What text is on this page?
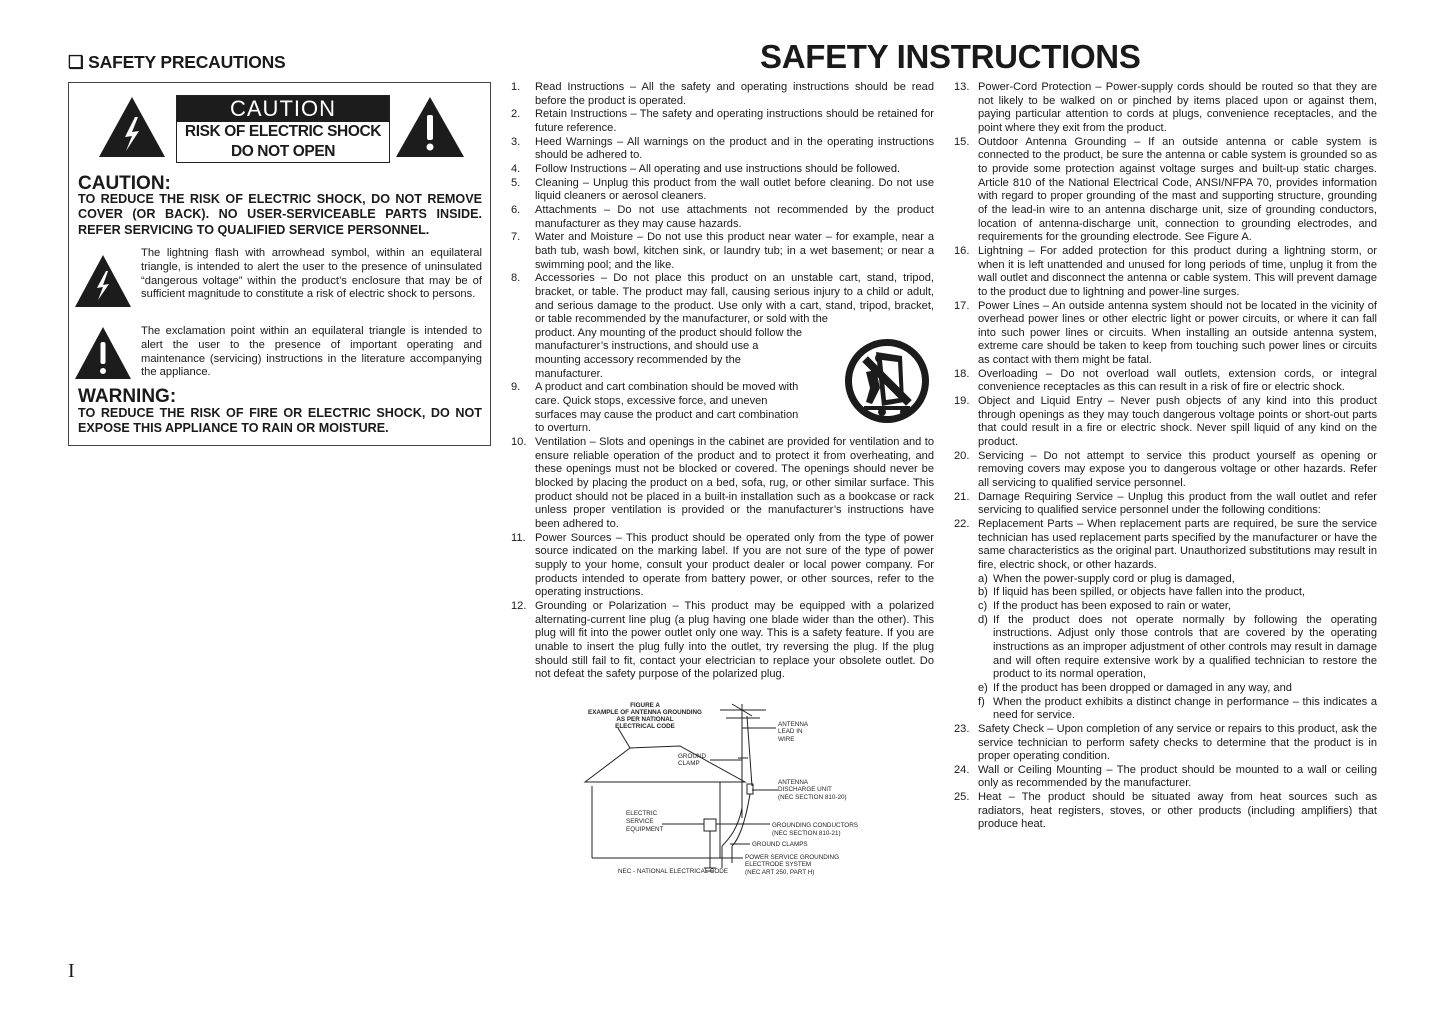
❑ SAFETY PRECAUTIONS
CAUTION
RISK OF ELECTRIC SHOCK
DO NOT OPEN
CAUTION:
TO REDUCE THE RISK OF ELECTRIC SHOCK, DO NOT REMOVE COVER (OR BACK). NO USER-SERVICEABLE PARTS INSIDE. REFER SERVICING TO QUALIFIED SERVICE PERSONNEL.
The lightning flash with arrowhead symbol, within an equilateral triangle, is intended to alert the user to the presence of uninsulated “dangerous voltage” within the product’s enclosure that may be of sufficient magnitude to constitute a risk of electric shock to persons.
The exclamation point within an equilateral triangle is intended to alert the user to the presence of important operating and maintenance (servicing) instructions in the literature accompanying the appliance.
WARNING:
TO REDUCE THE RISK OF FIRE OR ELECTRIC SHOCK, DO NOT EXPOSE THIS APPLIANCE TO RAIN OR MOISTURE.
SAFETY INSTRUCTIONS
1. Read Instructions – All the safety and operating instructions should be read before the product is operated.
2. Retain Instructions – The safety and operating instructions should be retained for future reference.
3. Heed Warnings – All warnings on the product and in the operating instructions should be adhered to.
4. Follow Instructions – All operating and use instructions should be followed.
5. Cleaning – Unplug this product from the wall outlet before cleaning. Do not use liquid cleaners or aerosol cleaners.
6. Attachments – Do not use attachments not recommended by the product manufacturer as they may cause hazards.
7. Water and Moisture – Do not use this product near water – for example, near a bath tub, wash bowl, kitchen sink, or laundry tub; in a wet basement; or near a swimming pool; and the like.
8. Accessories – Do not place this product on an unstable cart, stand, tripod, bracket, or table. The product may fall, causing serious injury to a child or adult, and serious damage to the product. Use only with a cart, stand, tripod, bracket, or table recommended by the manufacturer, or sold with the
product. Any mounting of the product should follow the manufacturer’s instructions, and should use a mounting accessory recommended by the manufacturer.
9. A product and cart combination should be moved with care. Quick stops, excessive force, and uneven surfaces may cause the product and cart combination to overturn.
10. Ventilation – Slots and openings in the cabinet are provided for ventilation and to ensure reliable operation of the product and to protect it from overheating, and these openings must not be blocked or covered. The openings should never be blocked by placing the product on a bed, sofa, rug, or other similar surface. This product should not be placed in a built-in installation such as a bookcase or rack unless proper ventilation is provided or the manufacturer’s instructions have been adhered to.
11. Power Sources – This product should be operated only from the type of power source indicated on the marking label. If you are not sure of the type of power supply to your home, consult your product dealer or local power company. For products intended to operate from battery power, or other sources, refer to the operating instructions.
12. Grounding or Polarization – This product may be equipped with a polarized alternating-current line plug (a plug having one blade wider than the other). This plug will fit into the power outlet only one way. This is a safety feature. If you are unable to insert the plug fully into the outlet, try reversing the plug. If the plug should still fail to fit, contact your electrician to replace your obsolete outlet. Do not defeat the safety purpose of the polarized plug.
FIGURE A
EXAMPLE OF ANTENNA GROUNDING
AS PER NATIONAL
ELECTRICAL CODE	ANTENNA
LEAD IN
WIRE
GROUND
CLAMP
ANTENNA
DISCHARGE UNIT
(NEC SECTION 810-20)
ELECTRIC
SERVICE
EQUIPMENT
GROUNDING CONDUCTORS
(NEC SECTION 810-21)
GROUND CLAMPS
POWER SERVICE GROUNDING
ELECTRODE SYSTEM
(NEC ART 250, PART H)
NEC - NATIONAL ELECTRICAL CODE
13. Power-Cord Protection – Power-supply cords should be routed so that they are not likely to be walked on or pinched by items placed upon or against them, paying particular attention to cords at plugs, convenience receptacles, and the point where they exit from the product.
15. Outdoor Antenna Grounding – If an outside antenna or cable system is connected to the product, be sure the antenna or cable system is grounded so as to provide some protection against voltage surges and built-up static charges. Article 810 of the National Electrical Code, ANSI/NFPA 70, provides information with regard to proper grounding of the mast and supporting structure, grounding of the lead-in wire to an antenna discharge unit, size of grounding conductors, location of antenna-discharge unit, connection to grounding electrodes, and requirements for the grounding electrode. See Figure A.
16. Lightning – For added protection for this product during a lightning storm, or when it is left unattended and unused for long periods of time, unplug it from the wall outlet and disconnect the antenna or cable system. This will prevent damage to the product due to lightning and power-line surges.
17. Power Lines – An outside antenna system should not be located in the vicinity of overhead power lines or other electric light or power circuits, or where it can fall into such power lines or circuits. When installing an outside antenna system, extreme care should be taken to keep from touching such power lines or circuits as contact with them might be fatal.
18. Overloading – Do not overload wall outlets, extension cords, or integral convenience receptacles as this can result in a risk of fire or electric shock.
19. Object and Liquid Entry – Never push objects of any kind into this product through openings as they may touch dangerous voltage points or short-out parts that could result in a fire or electric shock. Never spill liquid of any kind on the product.
20. Servicing – Do not attempt to service this product yourself as opening or removing covers may expose you to dangerous voltage or other hazards. Refer all servicing to qualified service personnel.
21. Damage Requiring Service – Unplug this product from the wall outlet and refer servicing to qualified service personnel under the following conditions:
22. Replacement Parts – When replacement parts are required, be sure the service technician has used replacement parts specified by the manufacturer or have the same characteristics as the original part. Unauthorized substitutions may result in fire, electric shock, or other hazards.
a) When the power-supply cord or plug is damaged,
b) If liquid has been spilled, or objects have fallen into the product,
c) If the product has been exposed to rain or water,
d) If the product does not operate normally by following the operating instructions. Adjust only those controls that are covered by the operating instructions as an improper adjustment of other controls may result in damage and will often require extensive work by a qualified technician to restore the product to its normal operation,
e) If the product has been dropped or damaged in any way, and
f) When the product exhibits a distinct change in performance – this indicates a need for service.
23. Safety Check – Upon completion of any service or repairs to this product, ask the service technician to perform safety checks to determine that the product is in proper operating condition.
24. Wall or Ceiling Mounting – The product should be mounted to a wall or ceiling only as recommended by the manufacturer.
25. Heat – The product should be situated away from heat sources such as radiators, heat registers, stoves, or other products (including amplifiers) that produce heat.
I
